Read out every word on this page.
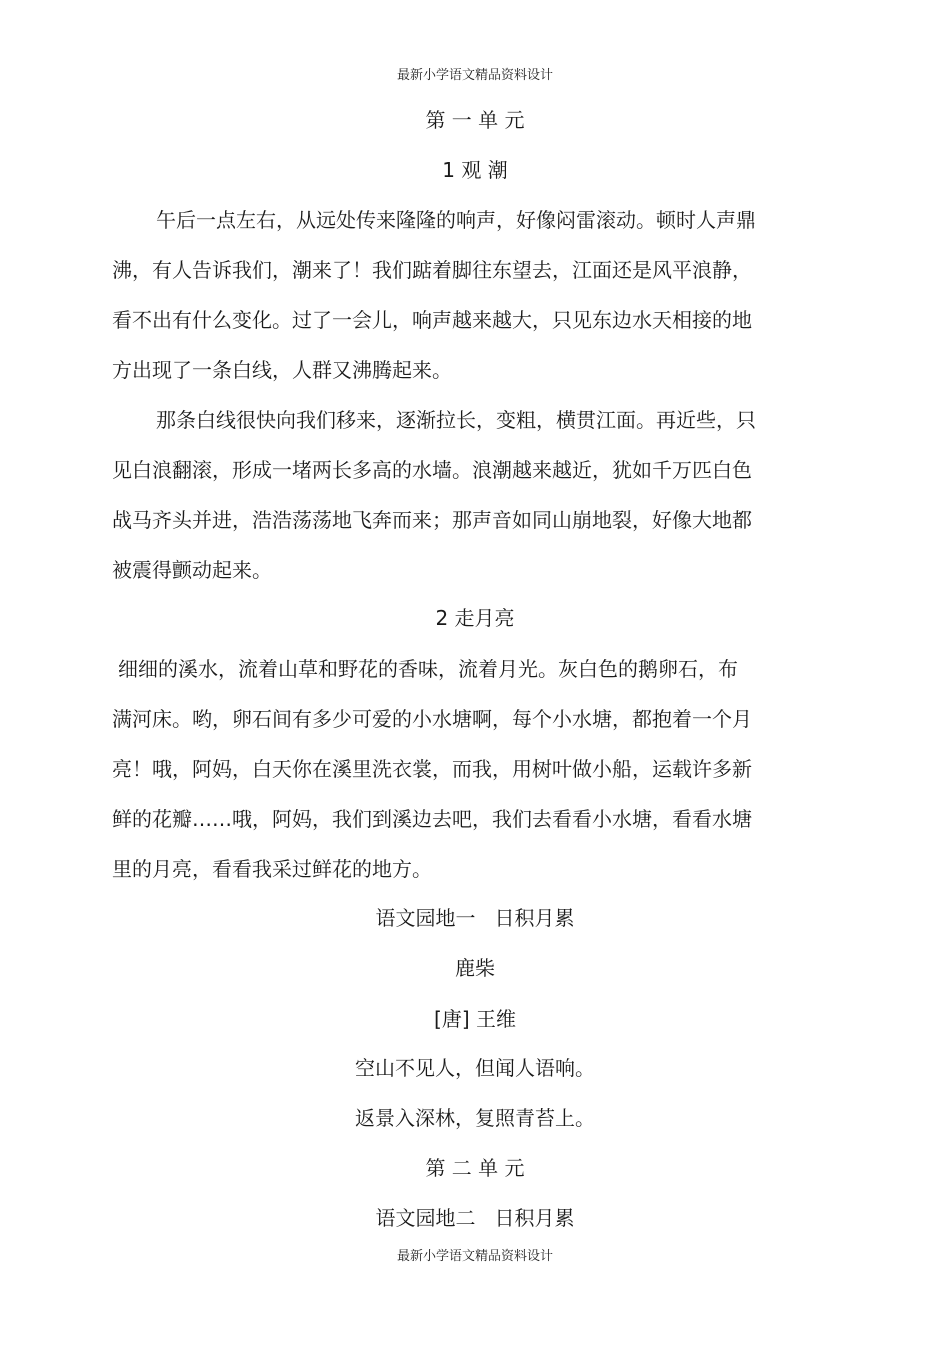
最新小学语文精品资料设计
第 一 单 元
1 观 潮
午后一点左右，从远处传来隆隆的响声，好像闷雷滚动。顿时人声鼎
沸，有人告诉我们，潮来了！我们踮着脚往东望去，江面还是风平浪静，
看不出有什么变化。过了一会儿，响声越来越大，只见东边水天相接的地
方出现了一条白线，人群又沸腾起来。
那条白线很快向我们移来，逐渐拉长，变粗，横贯江面。再近些，只
见白浪翻滚，形成一堵两长多高的水墙。浪潮越来越近，犹如千万匹白色
战马齐头并进，浩浩荡荡地飞奔而来；那声音如同山崩地裂，好像大地都
被震得颤动起来。
2 走月亮
细细的溪水，流着山草和野花的香味，流着月光。灰白色的鹅卵石，布
满河床。哟，卵石间有多少可爱的小水塘啊，每个小水塘，都抱着一个月
亮！哦，阿妈，白天你在溪里洗衣裳，而我，用树叶做小船，运载许多新
鲜的花瓣……哦，阿妈，我们到溪边去吧，我们去看看小水塘，看看水塘
里的月亮，看看我采过鲜花的地方。
语文园地一   日积月累
鹿柴
[唐] 王维
空山不见人，但闻人语响。
返景入深林，复照青苔上。
第 二 单 元
语文园地二   日积月累
最新小学语文精品资料设计
